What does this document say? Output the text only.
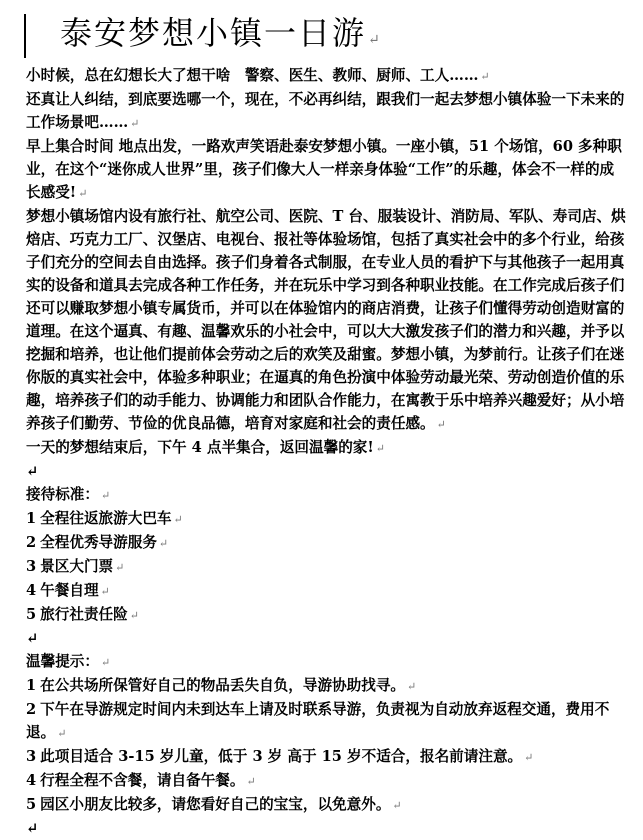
泰安梦想小镇一日游 ↵

小时候，总在幻想长大了想干啥　警察、医生、教师、厨师、工人…… ↵

还真让人纠结，到底要选哪一个，现在，不必再纠结，跟我们一起去梦想小镇体验一下未来的工作场景吧…… ↵

早上集合时间 地点出发，一路欢声笑语赴泰安梦想小镇。一座小镇，51 个场馆，60 多种职业，在这个“迷你成人世界”里，孩子们像大人一样亲身体验“工作”的乐趣，体会不一样的成长感受! ↵

梦想小镇场馆内设有旅行社、航空公司、医院、T 台、服装设计、消防局、军队、寿司店、烘焙店、巧克力工厂、汉堡店、电视台、报社等体验场馆，包括了真实社会中的多个行业，给孩子们充分的空间去自由选择。孩子们身着各式制服，在专业人员的看护下与其他孩子一起用真实的设备和道具去完成各种工作任务，并在玩乐中学习到各种职业技能。在工作完成后孩子们还可以赚取梦想小镇专属货币，并可以在体验馆内的商店消费，让孩子们懂得劳动创造财富的道理。在这个逼真、有趣、温馨欢乐的小社会中，可以大大激发孩子们的潜力和兴趣，并予以挖掘和培养，也让他们提前体会劳动之后的欢笑及甜蜜。梦想小镇，为梦前行。让孩子们在迷你版的真实社会中，体验多种职业；在逼真的角色扮演中体验劳动最光荣、劳动创造价值的乐趣，培养孩子们的动手能力、协调能力和团队合作能力，在寓教于乐中培养兴趣爱好；从小培养孩子们勤劳、节俭的优良品德，培育对家庭和社会的责任感。 ↵

一天的梦想结束后，下午 4 点半集合，返回温馨的家! ↵

↵

接待标准： ↵

1 全程往返旅游大巴车 ↵
2 全程优秀导游服务 ↵
3 景区大门票 ↵
4 午餐自理 ↵
5 旅行社责任险 ↵
↵

温馨提示： ↵

1 在公共场所保管好自己的物品丢失自负，导游协助找寻。 ↵
2 下午在导游规定时间内未到达车上请及时联系导游，负责视为自动放弃返程交通，费用不退。 ↵
3 此项目适合 3-15 岁儿童，低于 3 岁 高于 15 岁不适合，报名前请注意。 ↵
4 行程全程不含餐，请自备午餐。 ↵
5 园区小朋友比较多，请您看好自己的宝宝，以免意外。 ↵
↵
